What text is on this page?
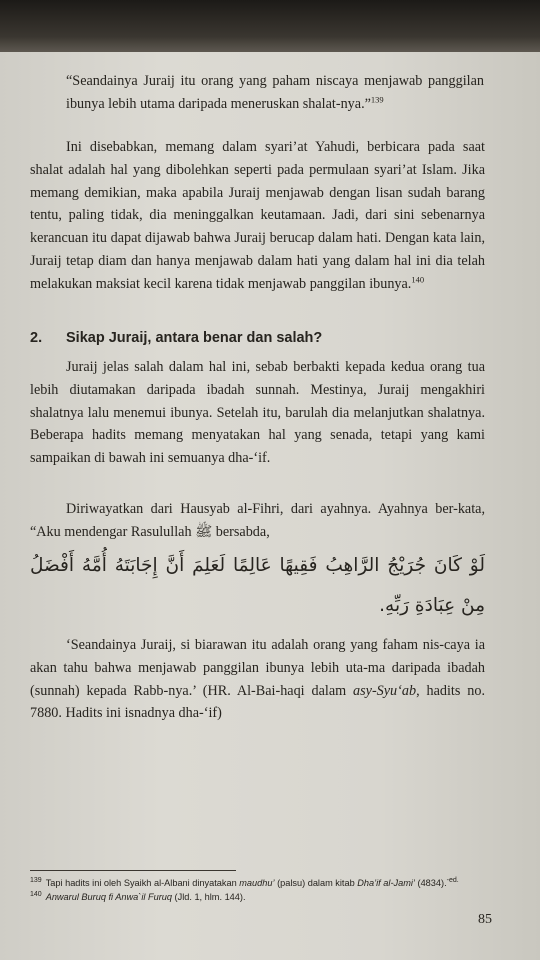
“Seandainya Juraij itu orang yang paham niscaya menjawab panggilan ibunya lebih utama daripada meneruskan shalat-nya.”$^{139}$
Ini disebabkan, memang dalam syari’at Yahudi, berbicara pada saat shalat adalah hal yang dibolehkan seperti pada permulaan syari’at Islam. Jika memang demikian, maka apabila Juraij menjawab dengan lisan sudah barang tentu, paling tidak, dia meninggalkan keutamaan. Jadi, dari sini sebenarnya kerancuan itu dapat dijawab bahwa Juraij berucap dalam hati. Dengan kata lain, Juraij tetap diam dan hanya menjawab dalam hati yang dalam hal ini dia telah melakukan maksiat kecil karena tidak menjawab panggilan ibunya.$^{140}$
2. Sikap Juraij, antara benar dan salah?
Juraij jelas salah dalam hal ini, sebab berbakti kepada kedua orang tua lebih diutamakan daripada ibadah sunnah. Mestinya, Juraij mengakhiri shalatnya lalu menemui ibunya. Setelah itu, barulah dia melanjutkan shalatnya. Beberapa hadits memang menyatakan hal yang senada, tetapi yang kami sampaikan di bawah ini semuanya dha-‘if.
Diriwayatkan dari Hausyab al-Fihri, dari ayahnya. Ayahnya ber-kata, “Aku mendengar Rasulullah ﷺ bersabda,
لَوْ كَانَ جُرَيْجُ الرَّاهِبُ فَقِيهًا عَالِمًا لَعَلِمَ أَنَّ إِجَابَتَهُ أُمَّهُ أَفْضَلُ مِنْ عِبَادَةِ رَبِّهِ.
‘Seandainya Juraij, si biarawan itu adalah orang yang faham nis-caya ia akan tahu bahwa menjawab panggilan ibunya lebih uta-ma daripada ibadah (sunnah) kepada Rabb-nya.’ (HR. Al-Bai-haqi dalam asy-Syu‘ab, hadits no. 7880. Hadits ini isnadnya dha-‘if)
$^{139}$ Tapi hadits ini oleh Syaikh al-Albani dinyatakan maudhu’ (palsu) dalam kitab Dha’if al-Jami’ (4834).$^{-ed.}$
$^{140}$ Anwarul Buruq fi Anwa`il Furuq (Jld. 1, hlm. 144).
85
